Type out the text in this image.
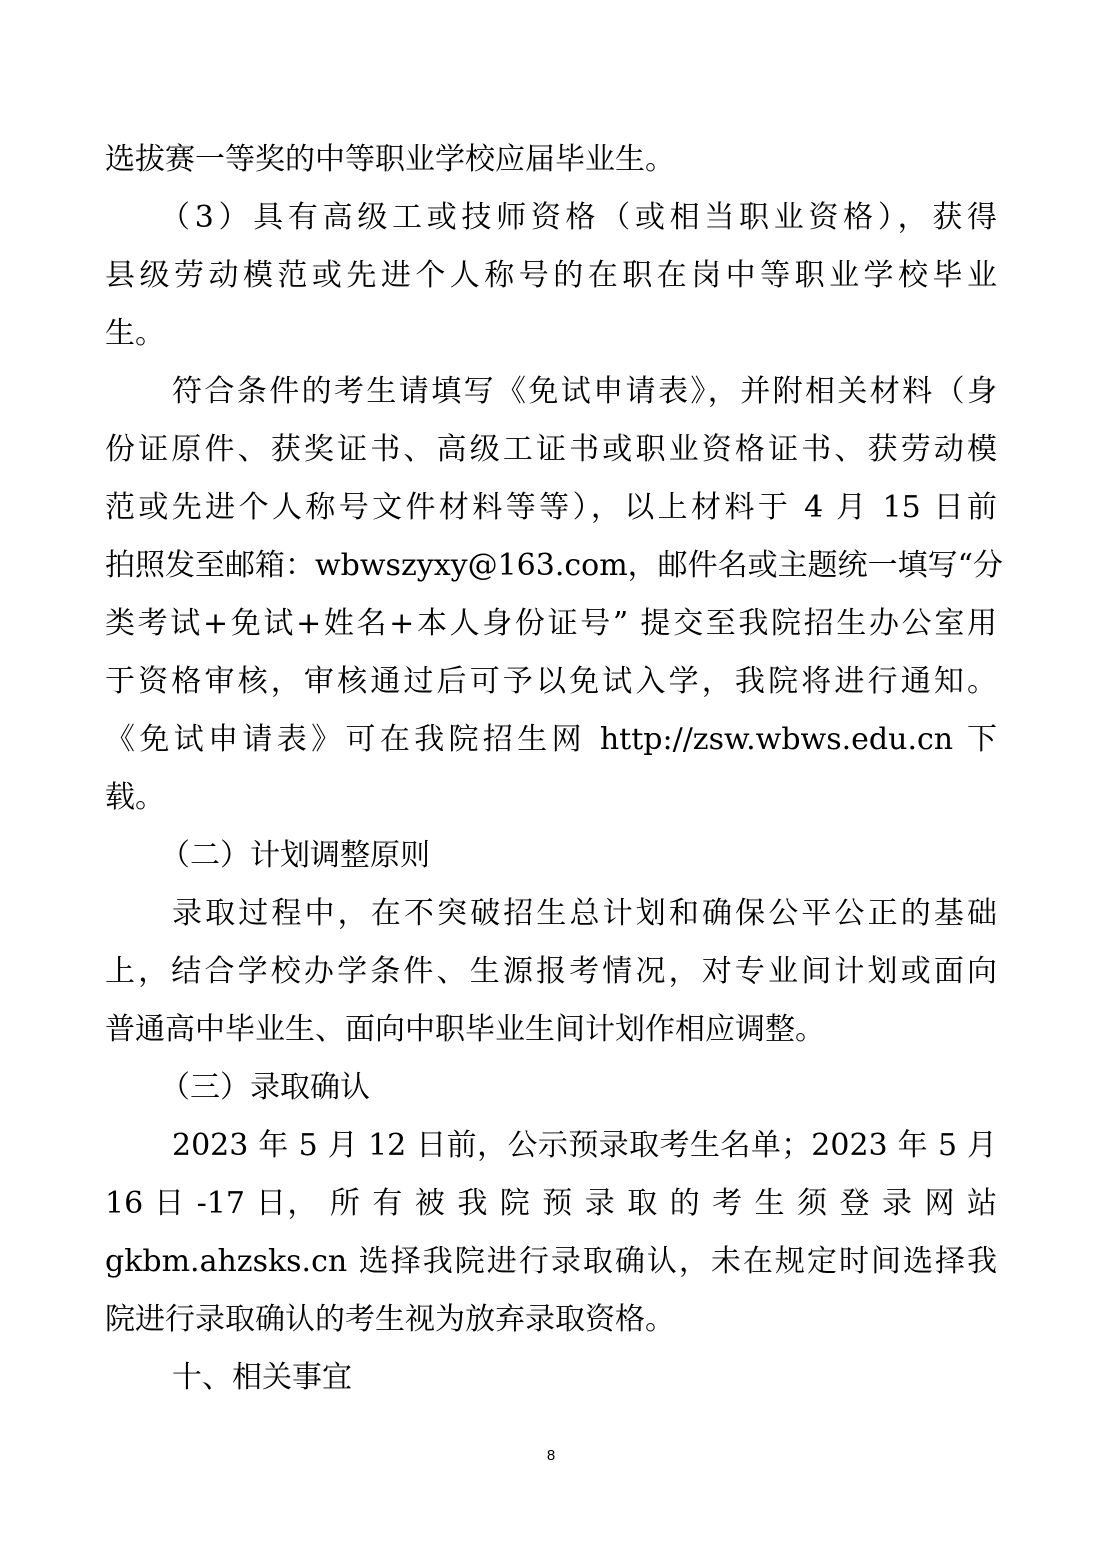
选拔赛一等奖的中等职业学校应届毕业生。
（3）具有高级工或技师资格（或相当职业资格），获得
县级劳动模范或先进个人称号的在职在岗中等职业学校毕业
生。
符合条件的考生请填写《免试申请表》，并附相关材料（身
份证原件、获奖证书、高级工证书或职业资格证书、获劳动模
范或先进个人称号文件材料等等），以上材料于 4 月 15 日前
拍照发至邮箱：wbwszyxy@163.com，邮件名或主题统一填写“分
类考试+免试+姓名+本人身份证号” 提交至我院招生办公室用
于资格审核，审核通过后可予以免试入学，我院将进行通知。
《免试申请表》可在我院招生网 http://zsw.wbws.edu.cn 下
载。
（二）计划调整原则
录取过程中，在不突破招生总计划和确保公平公正的基础
上，结合学校办学条件、生源报考情况，对专业间计划或面向
普通高中毕业生、面向中职毕业生间计划作相应调整。
（三）录取确认
2023 年 5 月 12 日前，公示预录取考生名单；2023 年 5 月
16 日 -17 日， 所 有 被 我 院 预 录 取 的 考 生 须 登 录 网 站
gkbm.ahzsks.cn 选择我院进行录取确认，未在规定时间选择我
院进行录取确认的考生视为放弃录取资格。
十、相关事宜
8
